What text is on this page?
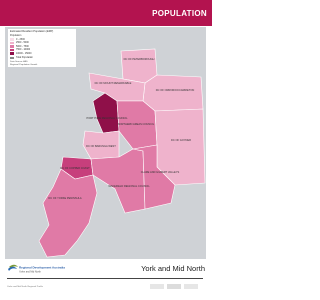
POPULATION
DC OF PETERBOROUGH
DC OF MOUNT REMARKABLE
DC OF ORROROO/CARRIETON
NORTHERN AREAS COUNCIL
DC OF GOYDER
PORT PIRIE REGIONAL COUNCIL
DC OF BARUNGA WEST
DC OF COPPER COAST
WAKEFIELD REGIONAL COUNCIL
DC OF YORKE PENINSULA
CLARE AND GILBERT VALLEYS
Estimated Resident Population (ERP)
Population
0 - 2500
2500 - 5000
5000 - 7500
7500 - 10000
10000 - 15000
Total Population
Data Source: ABS
Regional Population Growth
Regional Development Australia
Yorke and Mid North	York and Mid North
Yorke and Mid North Regional Profile
